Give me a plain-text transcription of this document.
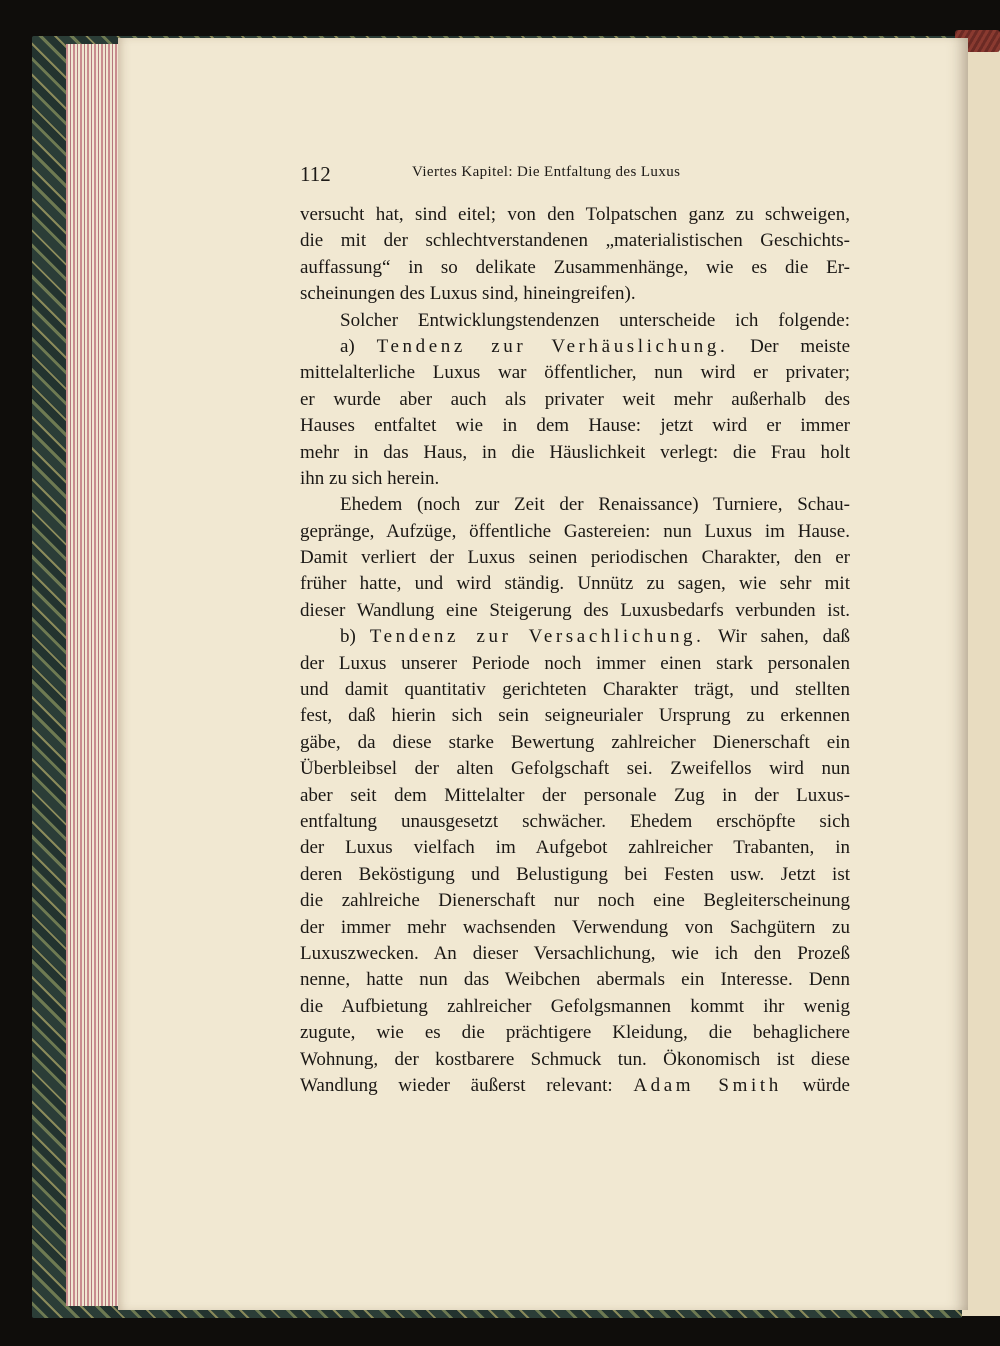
112	Viertes Kapitel: Die Entfaltung des Luxus
versucht hat, sind eitel; von den Tolpatschen ganz zu schweigen,
die mit der schlechtverstandenen „materialistischen Geschichts-
auffassung“ in so delikate Zusammenhänge, wie es die Er-
scheinungen des Luxus sind, hineingreifen).
Solcher Entwicklungstendenzen unterscheide ich folgende:
a) Tendenz zur Verhäuslichung. Der meiste
mittelalterliche Luxus war öffentlicher, nun wird er privater;
er wurde aber auch als privater weit mehr außerhalb des
Hauses entfaltet wie in dem Hause: jetzt wird er immer
mehr in das Haus, in die Häuslichkeit verlegt: die Frau holt
ihn zu sich herein.
Ehedem (noch zur Zeit der Renaissance) Turniere, Schau-
gepränge, Aufzüge, öffentliche Gastereien: nun Luxus im Hause.
Damit verliert der Luxus seinen periodischen Charakter, den er
früher hatte, und wird ständig. Unnütz zu sagen, wie sehr mit
dieser Wandlung eine Steigerung des Luxusbedarfs verbunden ist.
b) Tendenz zur Versachlichung. Wir sahen, daß
der Luxus unserer Periode noch immer einen stark personalen
und damit quantitativ gerichteten Charakter trägt, und stellten
fest, daß hierin sich sein seigneurialer Ursprung zu erkennen
gäbe, da diese starke Bewertung zahlreicher Dienerschaft ein
Überbleibsel der alten Gefolgschaft sei. Zweifellos wird nun
aber seit dem Mittelalter der personale Zug in der Luxus-
entfaltung unausgesetzt schwächer. Ehedem erschöpfte sich
der Luxus vielfach im Aufgebot zahlreicher Trabanten, in
deren Beköstigung und Belustigung bei Festen usw. Jetzt ist
die zahlreiche Dienerschaft nur noch eine Begleiterscheinung
der immer mehr wachsenden Verwendung von Sachgütern zu
Luxuszwecken. An dieser Versachlichung, wie ich den Prozeß
nenne, hatte nun das Weibchen abermals ein Interesse. Denn
die Aufbietung zahlreicher Gefolgsmannen kommt ihr wenig
zugute, wie es die prächtigere Kleidung, die behaglichere
Wohnung, der kostbarere Schmuck tun. Ökonomisch ist diese
Wandlung wieder äußerst relevant: Adam Smith würde
